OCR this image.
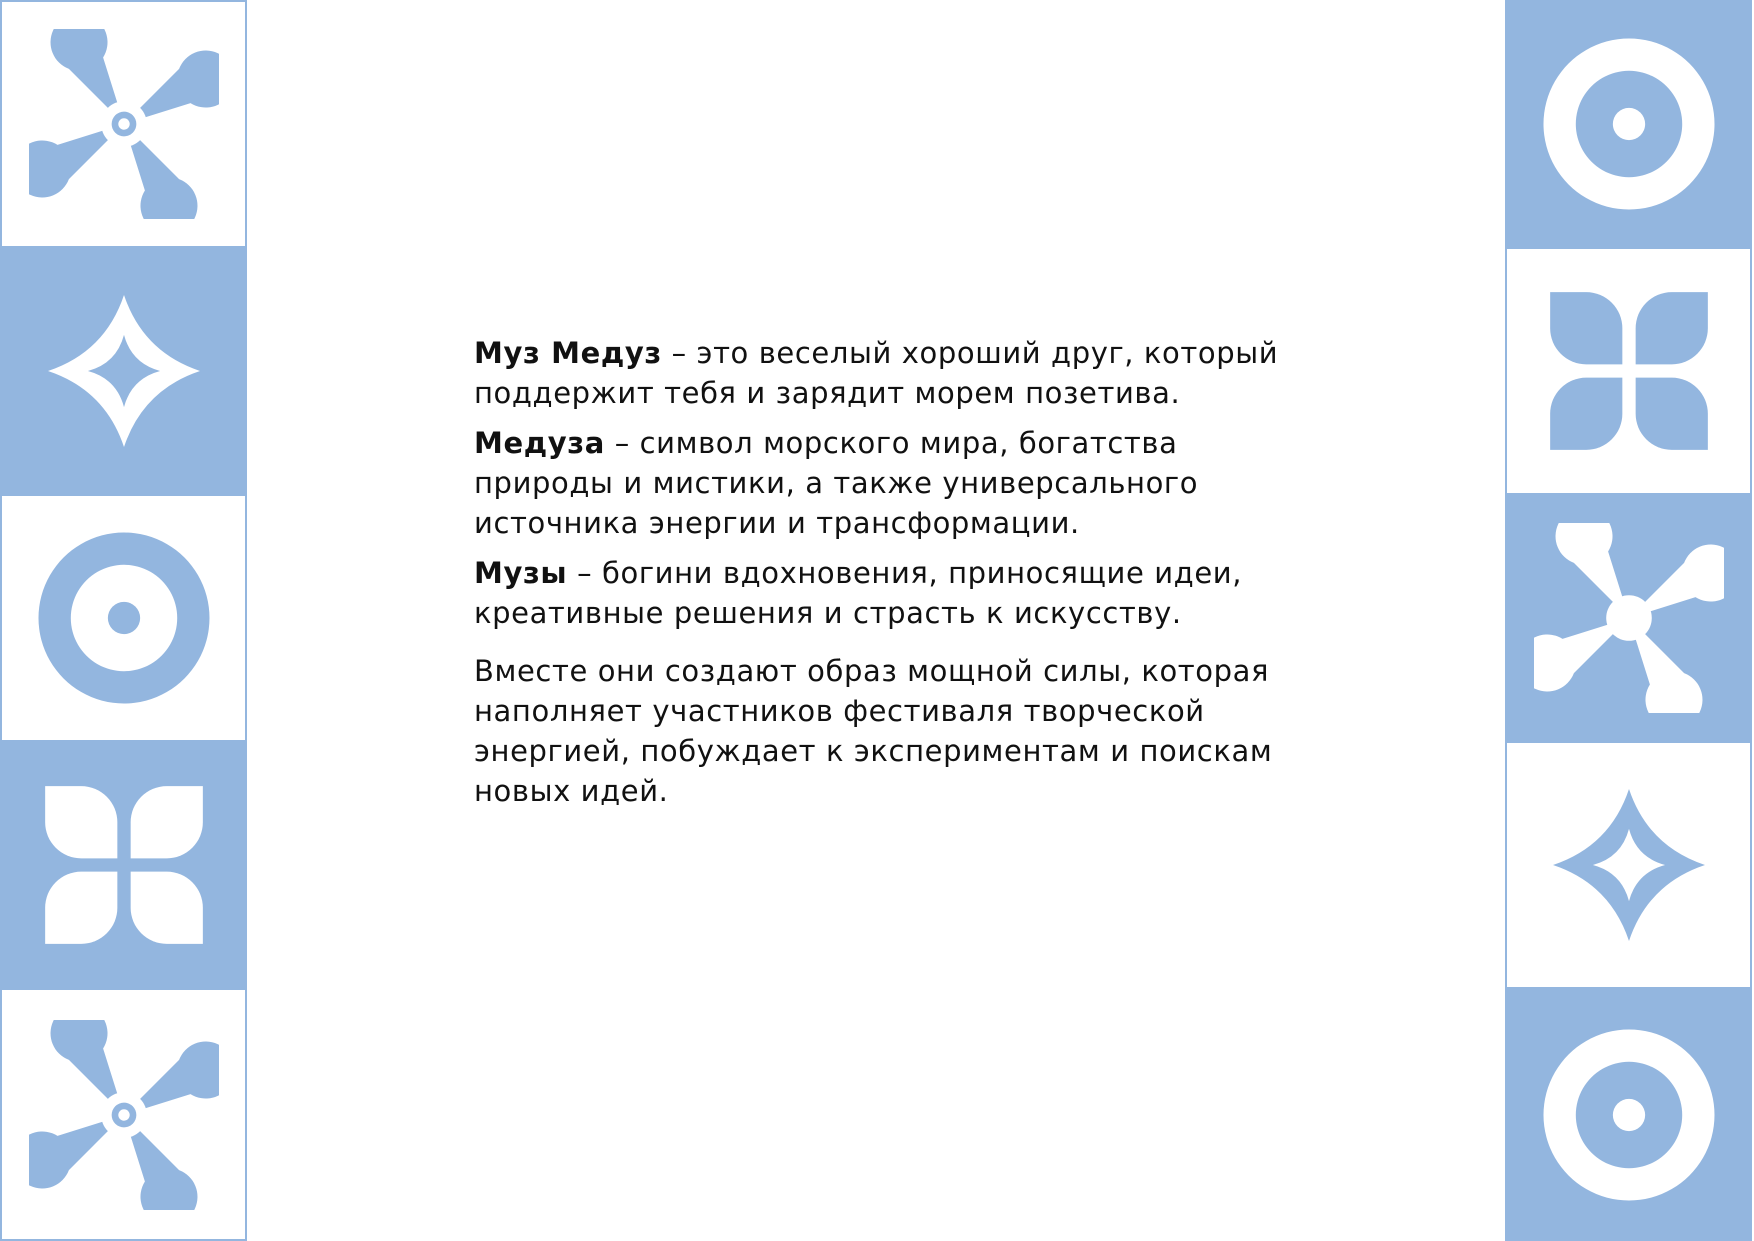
Муз Медуз – это веселый хороший друг, который поддержит тебя и зарядит морем позетива.

Медуза – символ морского мира, богатства природы и мистики, а также универсального источника энергии и трансформации.

Музы – богини вдохновения, приносящие идеи, креативные решения и страсть к искусству.

Вместе они создают образ мощной силы, которая наполняет участников фестиваля творческой энергией, побуждает к экспериментам и поискам новых идей.
